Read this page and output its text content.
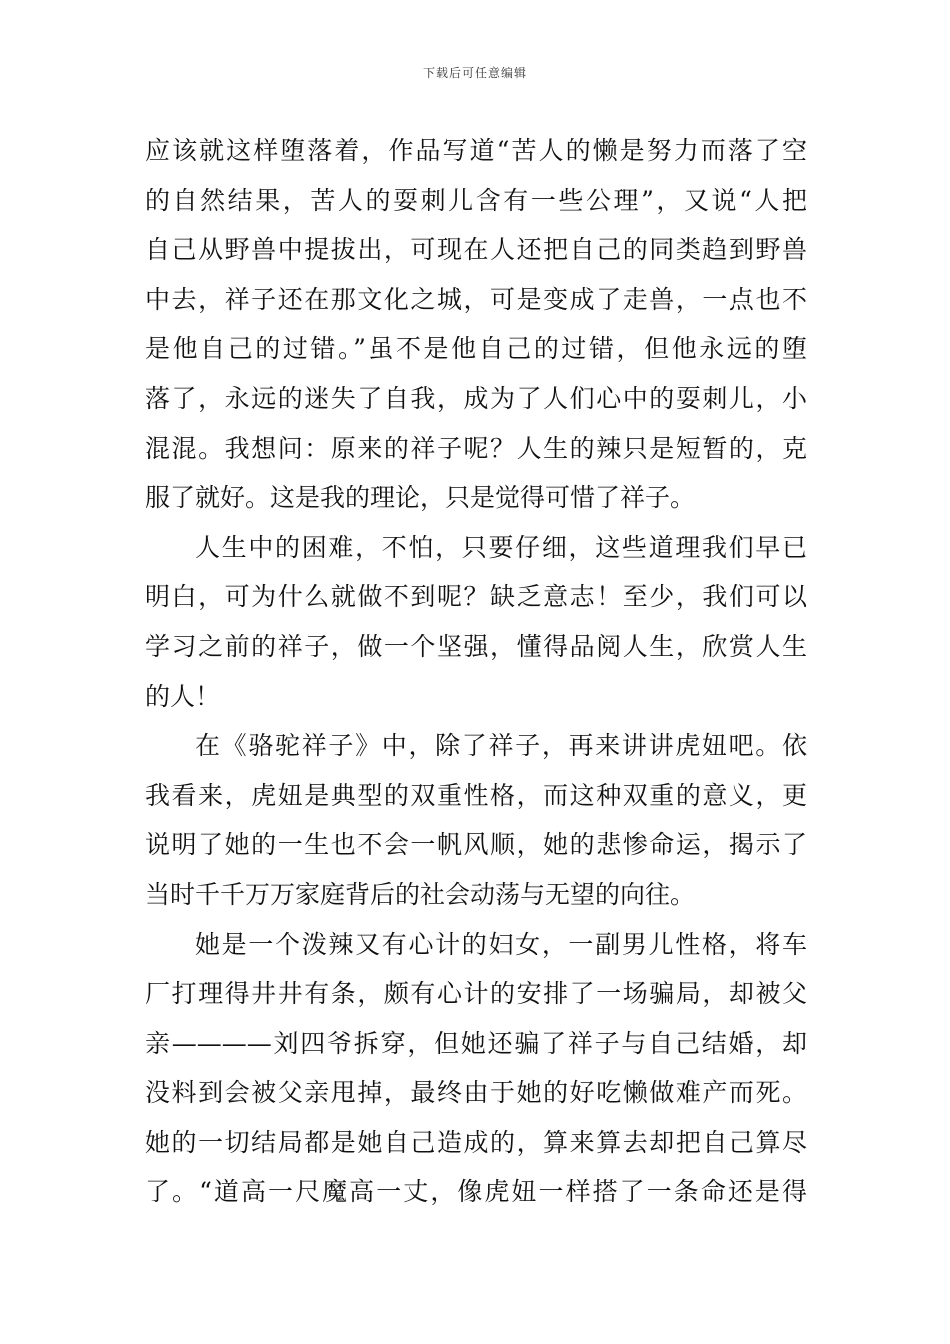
下载后可任意编辑
应该就这样堕落着，作品写道“苦人的懒是努力而落了空
的自然结果，苦人的耍刺儿含有一些公理”，又说“人把
自己从野兽中提拔出，可现在人还把自己的同类趋到野兽
中去，祥子还在那文化之城，可是变成了走兽，一点也不
是他自己的过错。”虽不是他自己的过错，但他永远的堕
落了，永远的迷失了自我，成为了人们心中的耍刺儿，小
混混。我想问：原来的祥子呢？人生的辣只是短暂的，克
服了就好。这是我的理论，只是觉得可惜了祥子。
人生中的困难，不怕，只要仔细，这些道理我们早已
明白，可为什么就做不到呢？缺乏意志！至少，我们可以
学习之前的祥子，做一个坚强，懂得品阅人生，欣赏人生
的人！
在《骆驼祥子》中，除了祥子，再来讲讲虎妞吧。依
我看来，虎妞是典型的双重性格，而这种双重的意义，更
说明了她的一生也不会一帆风顺，她的悲惨命运，揭示了
当时千千万万家庭背后的社会动荡与无望的向往。
她是一个泼辣又有心计的妇女，一副男儿性格，将车
厂打理得井井有条，颇有心计的安排了一场骗局，却被父
亲————刘四爷拆穿，但她还骗了祥子与自己结婚，却
没料到会被父亲甩掉，最终由于她的好吃懒做难产而死。
她的一切结局都是她自己造成的，算来算去却把自己算尽
了。“道高一尺魔高一丈，像虎妞一样搭了一条命还是得
